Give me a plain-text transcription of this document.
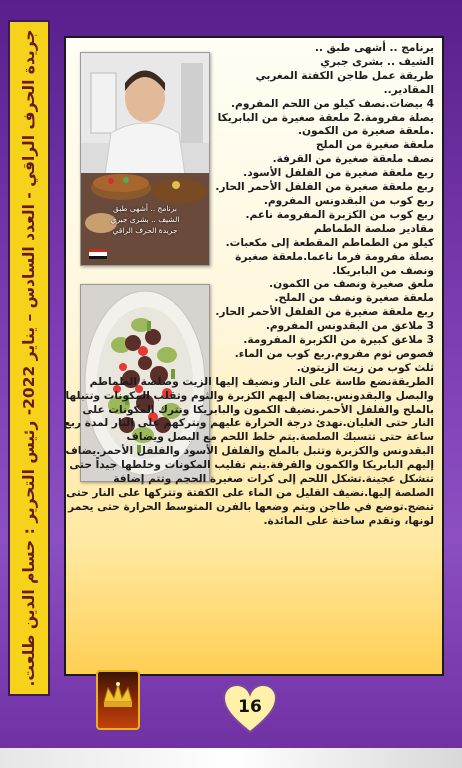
جريدة الحرف الراقي - العدد السادس – يناير 2022- رئيس التحرير : حسام الدين طلعت.	برنامج .. أشهى طبق
الشيف .. بشرى جبري
جريدة الحرف الراقي
برنامج .. أشهى طبق ..
الشيف .. بشرى جبري
طريقة عمل طاجن الكفتة المغربي
المقادير..
4 بيضات.نصف كيلو من اللحم المفروم.
بصلة مفرومة.2 ملعقة صغيرة من البابريكا
.ملعقة صغيرة من الكمون.
ملعقة صغيرة من الملح
نصف ملعقة صغيرة من القرفة.
ربع ملعقة صغيرة من الفلفل الأسود.
ربع ملعقة صغيرة من الفلفل الأحمر الحار.
ربع كوب من البقدونس المفروم.
ربع كوب من الكزبرة المفرومة ناعم.
مقادير صلصة الطماطم
كيلو من الطماطم المقطعة إلى مكعبات.
بصلة مفرومة فرما ناعما.ملعقة صغيرة
ونصف من البابريكا.
ملعق صغيرة ونصف من الكمون.
ملعقة صغيرة ونصف من الملح.
ربع ملعقة صغيرة من الفلفل الأحمر الحار.
3 ملاعق من البقدونس المفروم.
3 ملاعق كبيرة من الكزبرة المفرومة.
فصوص ثوم مفروم.ربع كوب من الماء.
ثلث كوب من زيت الزيتون.
الطريقةنضع طاسة على النار ونضيف إليها الزيت وصلصة الطماطم
والبصل والبقدونس.يضاف إليهم الكزبرة والثوم وتقلب المكونات وتتبلها
بالملح والفلفل الأحمر.نضيف الكمون والبابريكا ونترك المكونات على
النار حتى الغليان.نهدئ درجة الحرارة عليهم ونتركهم على النار لمدة ربع
ساعة حتى تتسبك الصلصة.يتم خلط اللحم مع البصل ويضاف
البقدونس والكزبرة وتتبل بالملح والفلفل الأسود والفلفل الأحمر.يضاف
إليهم البابريكا والكمون والقرفة.يتم تقليب المكونات وخلطها جيداً حتى
تتشكل عجينة.تشكل اللحم إلى كرات صغيرة الحجم وتتم إضافة
الصلصة إليها.نضيف القليل من الماء على الكفتة وتتركها على النار حتى
تنضج.توضع في طاجن ويتم وضعها بالفرن المتوسط الحرارة حتى يحمر
لونها، وتقدم ساخنة على المائدة.
16
